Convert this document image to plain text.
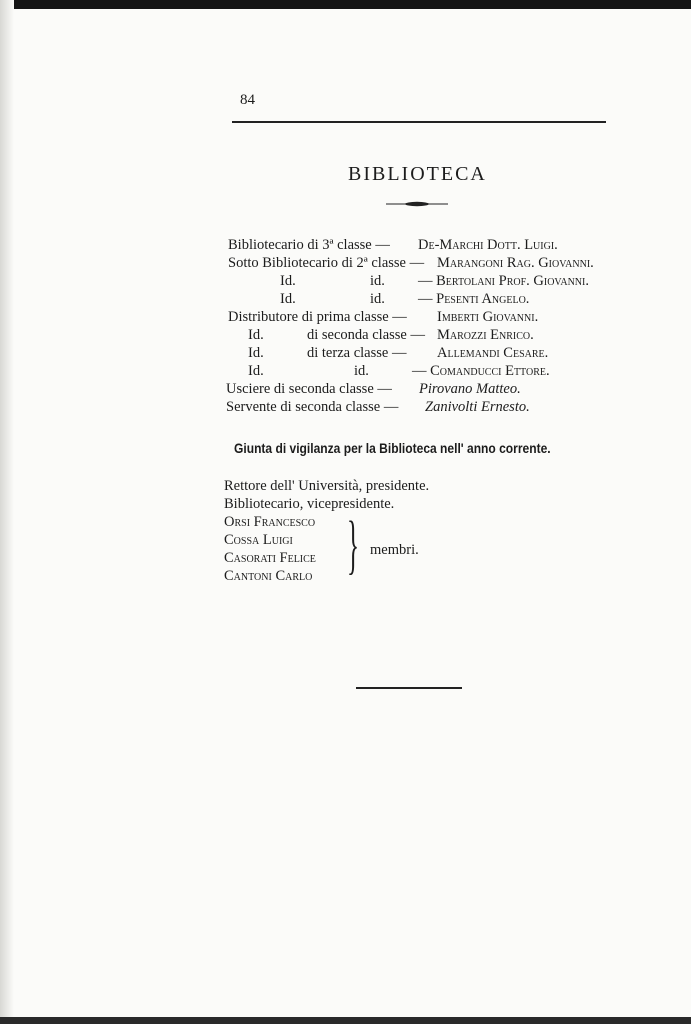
84
BIBLIOTECA
Bibliotecario di 3ª classe — De-Marchi Dott. Luigi.
Sotto Bibliotecario di 2ª classe — Marangoni Rag. Giovanni.
Id.	id. — Bertolani Prof. Giovanni.
Id.	id. — Pesenti Angelo.
Distributore di prima classe — Imberti Giovanni.
Id.	di seconda classe — Marozzi Enrico.
Id.	di terza classe — Allemandi Cesare.
Id.	id.	— Comanducci Ettore.
Usciere di seconda classe — Pirovano Matteo.
Servente di seconda classe — Zanivolti Ernesto.
Giunta di vigilanza per la Biblioteca nell' anno corrente.
Rettore dell' Università, presidente.
Bibliotecario, vicepresidente.
Orsi Francesco
Cossa Luigi
Casorati Felice
Cantoni Carlo } membri.
